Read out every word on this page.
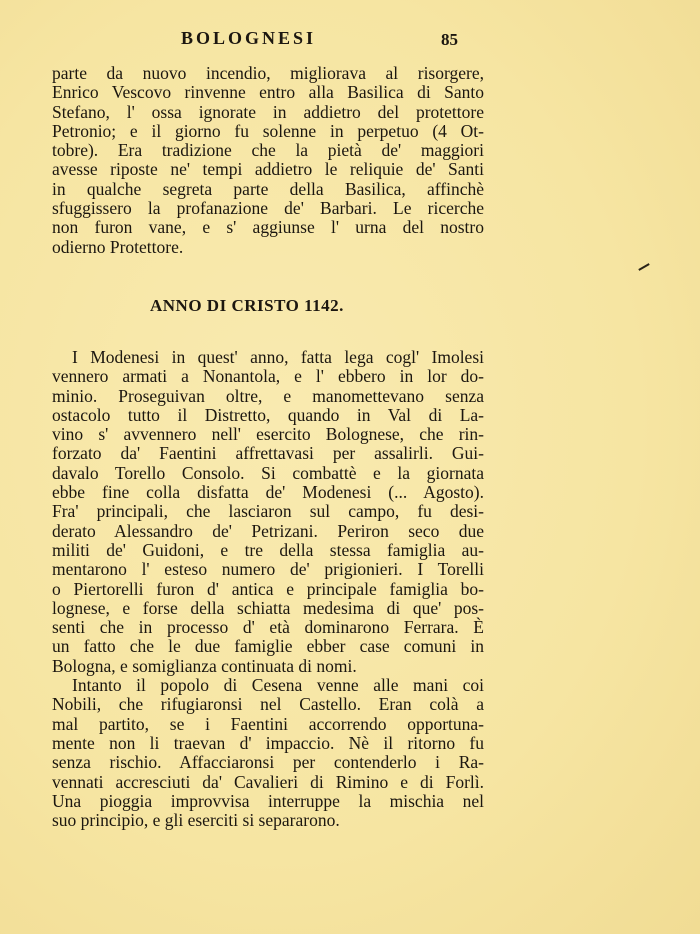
BOLOGNESI	85
parte da nuovo incendio, migliorava al risorgere,
Enrico Vescovo rinvenne entro alla Basilica di Santo
Stefano, l' ossa ignorate in addietro del protettore
Petronio; e il giorno fu solenne in perpetuo (4 Ot-
tobre). Era tradizione che la pietà de' maggiori
avesse riposte ne' tempi addietro le reliquie de' Santi
in qualche segreta parte della Basilica, affinchè
sfuggissero la profanazione de' Barbari. Le ricerche
non furon vane, e s' aggiunse l' urna del nostro
odierno Protettore.
ANNO DI CRISTO 1142.
I Modenesi in quest' anno, fatta lega cogl' Imolesi
vennero armati a Nonantola, e l' ebbero in lor do-
minio. Proseguivan oltre, e manomettevano senza
ostacolo tutto il Distretto, quando in Val di La-
vino s' avvennero nell' esercito Bolognese, che rin-
forzato da' Faentini affrettavasi per assalirli. Gui-
davalo Torello Consolo. Si combattè e la giornata
ebbe fine colla disfatta de' Modenesi (... Agosto).
Fra' principali, che lasciaron sul campo, fu desi-
derato Alessandro de' Petrizani. Periron seco due
militi de' Guidoni, e tre della stessa famiglia au-
mentarono l' esteso numero de' prigionieri. I Torelli
o Piertorelli furon d' antica e principale famiglia bo-
lognese, e forse della schiatta medesima di que' pos-
senti che in processo d' età dominarono Ferrara. È
un fatto che le due famiglie ebber case comuni in
Bologna, e somiglianza continuata di nomi.
Intanto il popolo di Cesena venne alle mani coi
Nobili, che rifugiaronsi nel Castello. Eran colà a
mal partito, se i Faentini accorrendo opportuna-
mente non li traevan d' impaccio. Nè il ritorno fu
senza rischio. Affacciaronsi per contenderlo i Ra-
vennati accresciuti da' Cavalieri di Rimino e di Forlì.
Una pioggia improvvisa interruppe la mischia nel
suo principio, e gli eserciti si separarono.
